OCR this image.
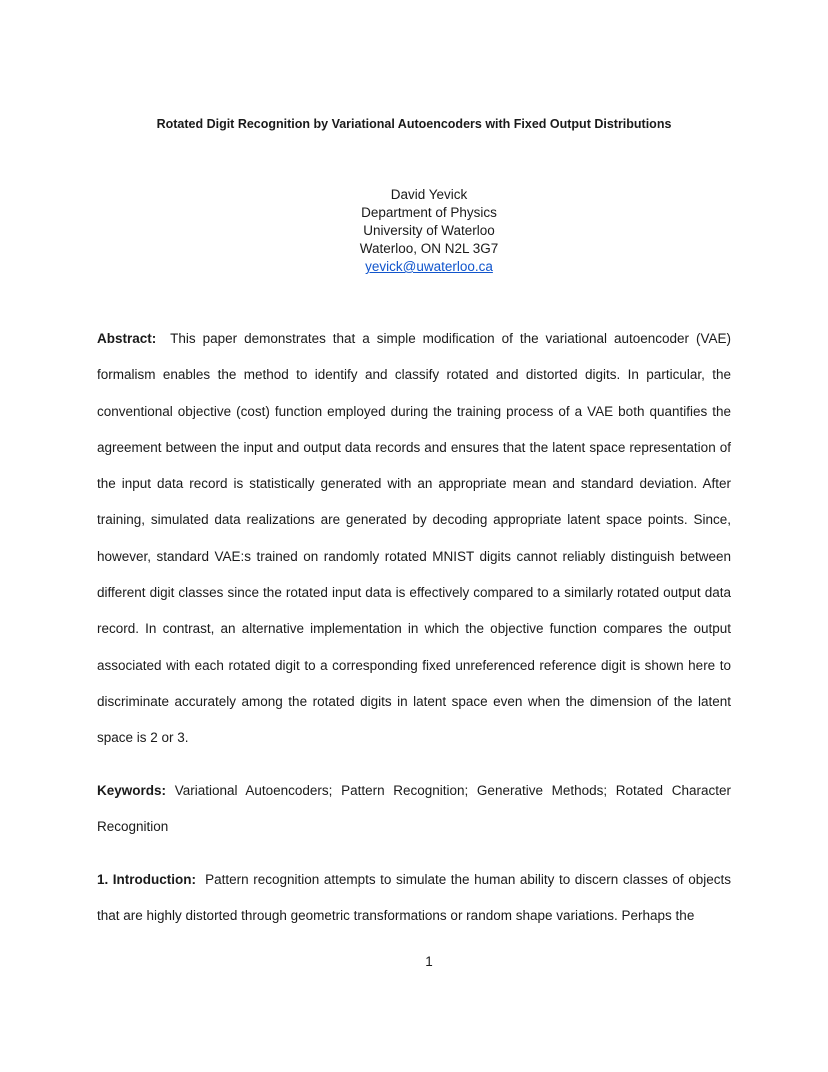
Rotated Digit Recognition by Variational Autoencoders with Fixed Output Distributions
David Yevick
Department of Physics
University of Waterloo
Waterloo, ON N2L 3G7
yevick@uwaterloo.ca
Abstract: This paper demonstrates that a simple modification of the variational autoencoder (VAE) formalism enables the method to identify and classify rotated and distorted digits. In particular, the conventional objective (cost) function employed during the training process of a VAE both quantifies the agreement between the input and output data records and ensures that the latent space representation of the input data record is statistically generated with an appropriate mean and standard deviation. After training, simulated data realizations are generated by decoding appropriate latent space points. Since, however, standard VAE:s trained on randomly rotated MNIST digits cannot reliably distinguish between different digit classes since the rotated input data is effectively compared to a similarly rotated output data record. In contrast, an alternative implementation in which the objective function compares the output associated with each rotated digit to a corresponding fixed unreferenced reference digit is shown here to discriminate accurately among the rotated digits in latent space even when the dimension of the latent space is 2 or 3.
Keywords: Variational Autoencoders; Pattern Recognition; Generative Methods; Rotated Character Recognition
1. Introduction: Pattern recognition attempts to simulate the human ability to discern classes of objects that are highly distorted through geometric transformations or random shape variations. Perhaps the
1
